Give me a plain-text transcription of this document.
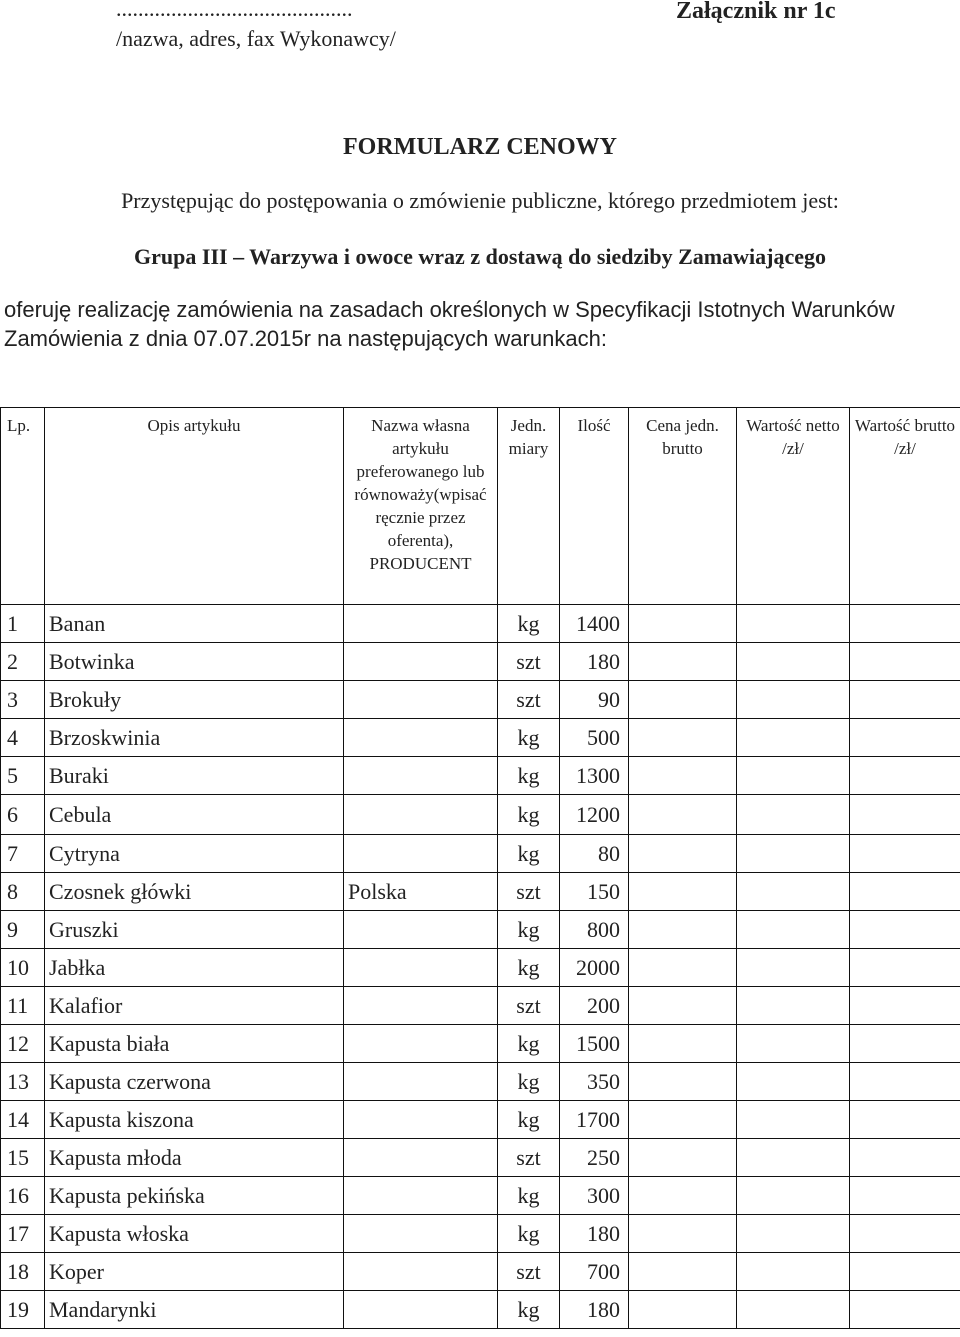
...........................................
/nazwa, adres, fax Wykonawcy/
Załącznik nr 1c
FORMULARZ CENOWY
Przystępując do postępowania o zmówienie publiczne, którego przedmiotem jest:
Grupa III – Warzywa i owoce wraz z dostawą do siedziby Zamawiającego
oferuję realizację zamówienia na zasadach określonych w Specyfikacji Istotnych Warunków
Zamówienia z dnia 07.07.2015r na następujących warunkach:
Lp.	Opis artykułu	Nazwa własna artykułu preferowanego lub równoważy(wpisać ręcznie przez oferenta), PRODUCENT	Jedn. miary	Ilość	Cena jedn. brutto	Wartość netto /zł/	Wartość brutto /zł/
1	Banan		kg	1400			
2	Botwinka		szt	180			
3	Brokuły		szt	90			
4	Brzoskwinia		kg	500			
5	Buraki		kg	1300			
6	Cebula		kg	1200			
7	Cytryna		kg	80			
8	Czosnek główki	Polska	szt	150			
9	Gruszki		kg	800			
10	Jabłka		kg	2000			
11	Kalafior		szt	200			
12	Kapusta biała		kg	1500			
13	Kapusta czerwona		kg	350			
14	Kapusta kiszona		kg	1700			
15	Kapusta młoda		szt	250			
16	Kapusta pekińska		kg	300			
17	Kapusta włoska		kg	180			
18	Koper		szt	700			
19	Mandarynki		kg	180			
